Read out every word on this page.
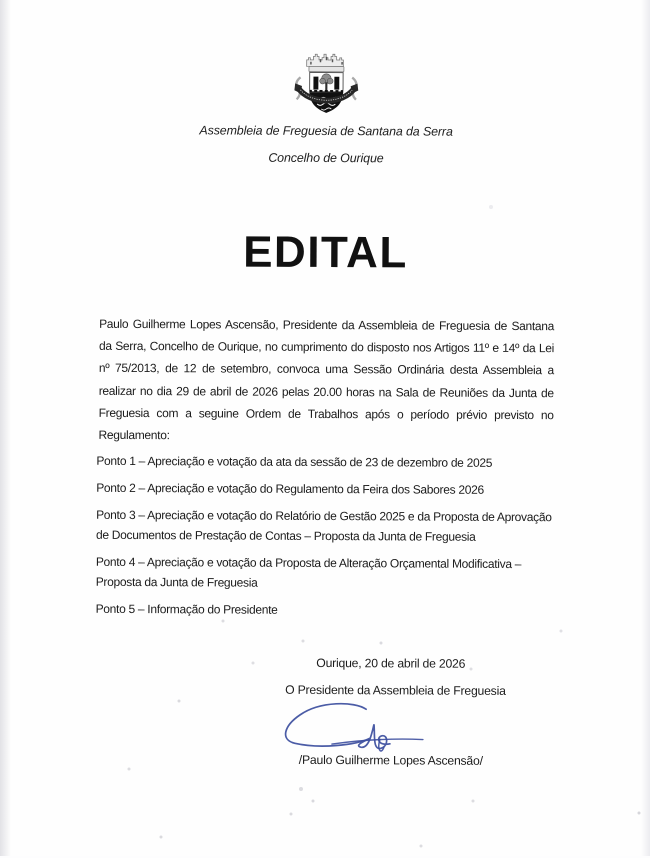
Assembleia de Freguesia de Santana da Serra
Concelho de Ourique
EDITAL
Paulo Guilherme Lopes Ascensão, Presidente da Assembleia de Freguesia de Santana da Serra, Concelho de Ourique, no cumprimento do disposto nos Artigos 11º e 14º da Lei nº 75/2013, de 12 de setembro, convoca uma Sessão Ordinária desta Assembleia a realizar no dia 29 de abril de 2026 pelas 20.00 horas na Sala de Reuniões da Junta de Freguesia com a seguine Ordem de Trabalhos após o período prévio previsto no Regulamento:
Ponto 1 – Apreciação e votação da ata da sessão de 23 de dezembro de 2025
Ponto 2 – Apreciação e votação do Regulamento da Feira dos Sabores 2026
Ponto 3 – Apreciação e votação do Relatório de Gestão 2025 e da Proposta de Aprovação de Documentos de Prestação de Contas – Proposta da Junta de Freguesia
Ponto 4 – Apreciação e votação da Proposta de Alteração Orçamental Modificativa – Proposta da Junta de Freguesia
Ponto 5 – Informação do Presidente
Ourique, 20 de abril de 2026
O Presidente da Assembleia de Freguesia
/Paulo Guilherme Lopes Ascensão/
